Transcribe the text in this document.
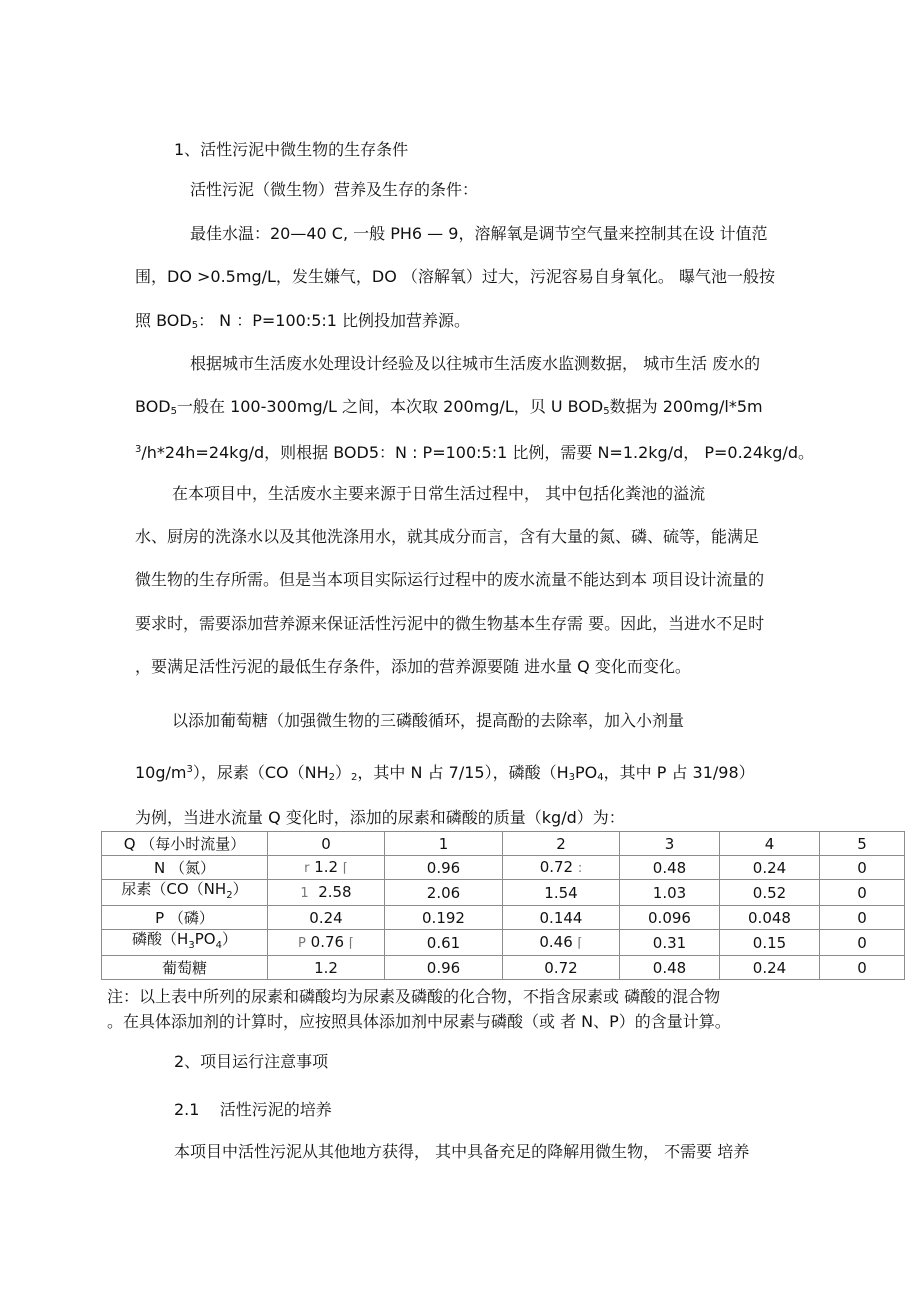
1、活性污泥中微生物的生存条件
活性污泥（微生物）营养及生存的条件：
最佳水温：20—40 C, 一般 PH6 — 9，溶解氧是调节空气量来控制其在设 计值范
围，DO >0.5mg/L，发生嫌气，DO （溶解氧）过大，污泥容易自身氧化。 曝气池一般按
照 $BOD_5$： N ：P=100:5:1 比例投加营养源。
根据城市生活废水处理设计经验及以往城市生活废水监测数据， 城市生活 废水的
$BOD_5$一般在 100-300mg/L 之间，本次取 200mg/L，贝 U $BOD_5$数据为 200mg/l*5m
$^3$/h*24h=24kg/d，则根据 BOD5：N : P=100:5:1 比例，需要 N=1.2kg/d， P=0.24kg/d。
在本项目中，生活废水主要来源于日常生活过程中， 其中包括化粪池的溢流
水、厨房的洗涤水以及其他洗涤用水，就其成分而言，含有大量的氮、磷、硫等，能满足
微生物的生存所需。但是当本项目实际运行过程中的废水流量不能达到本 项目设计流量的
要求时，需要添加营养源来保证活性污泥中的微生物基本生存需 要。因此，当进水不足时
，要满足活性污泥的最低生存条件，添加的营养源要随 进水量 Q 变化而变化。
以添加葡萄糖（加强微生物的三磷酸循环，提高酚的去除率，加入小剂量
$10g/m^3$），尿素（$CO(NH_2)_2$，其中 N 占 7/15），磷酸（$H_3PO_4$，其中 P 占 31/98）
为例，当进水流量 Q 变化时，添加的尿素和磷酸的质量（kg/d）为：
Q （每小时流量）	0	1	2	3	4	5
N （氮）	r 1.2 ⌈	0.96	0.72 :	0.48	0.24	0
尿素（$CO(NH_2)$	1 2.58	2.06	1.54	1.03	0.52	0
P （磷）	0.24	0.192	0.144	0.096	0.048	0
磷酸$(H_3PO_4)$	P 0.76 ⌈	0.61	0.46 ⌈	0.31	0.15	0
葡萄糖	1.2	0.96	0.72	0.48	0.24	0
注：以上表中所列的尿素和磷酸均为尿素及磷酸的化合物，不指含尿素或 磷酸的混合物
。在具体添加剂的计算时，应按照具体添加剂中尿素与磷酸（或 者 N、P）的含量计算。
2、项目运行注意事项
2.1 活性污泥的培养
本项目中活性污泥从其他地方获得， 其中具备充足的降解用微生物， 不需要 培养
